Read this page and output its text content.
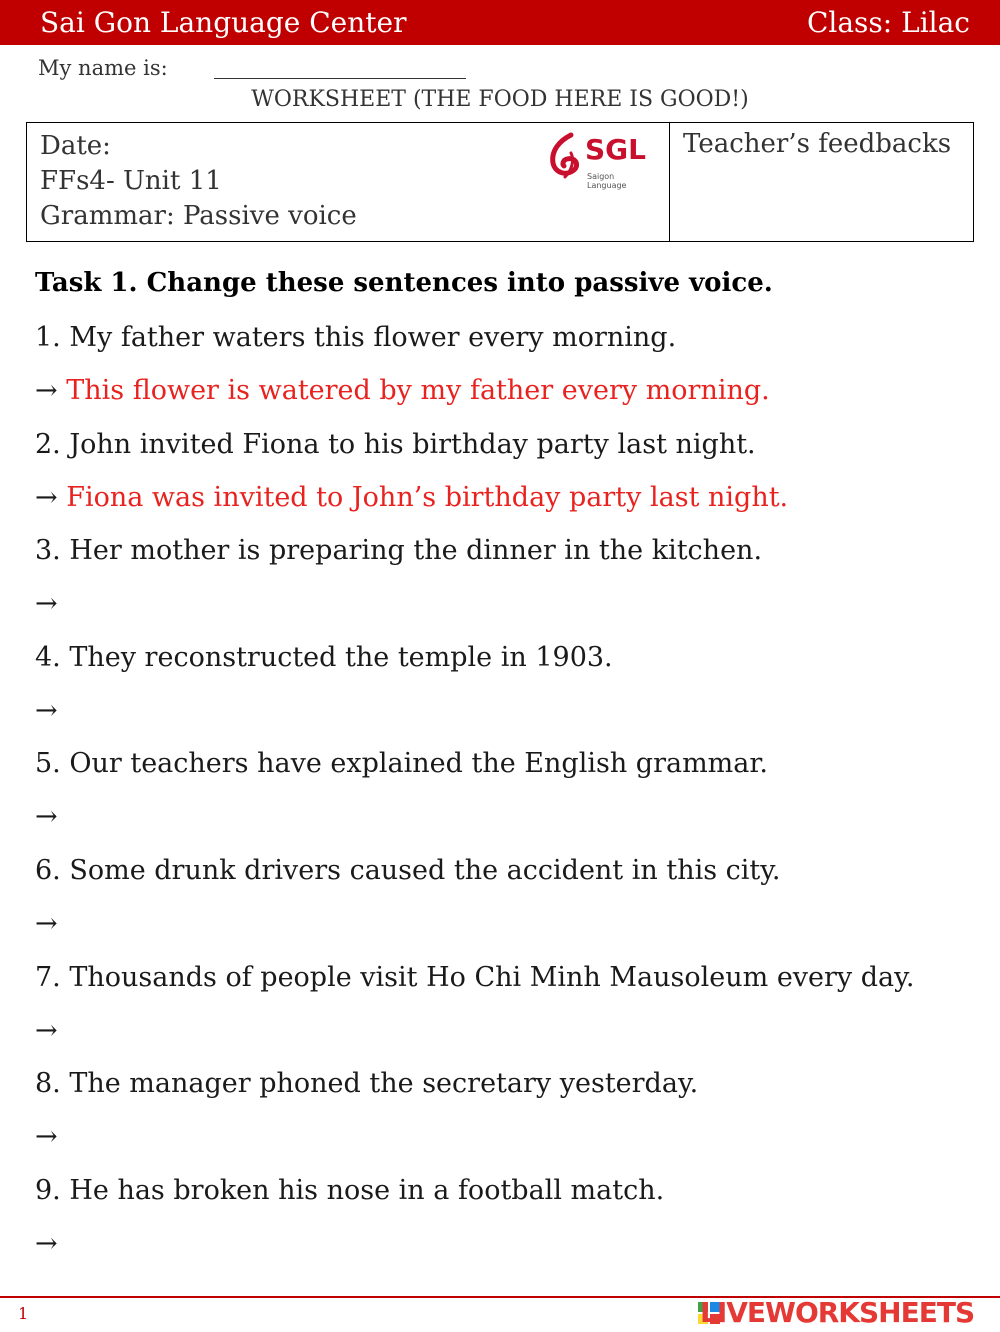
Sai Gon Language Center	Class: Lilac
My name is:
WORKSHEET (THE FOOD HERE IS GOOD!)
Date:
FFs4- Unit 11
Grammar: Passive voice
SGL
Saigon Language
Teacher’s feedbacks
Task 1. Change these sentences into passive voice.
1. My father waters this flower every morning.
→ This flower is watered by my father every morning.
2. John invited Fiona to his birthday party last night.
→ Fiona was invited to John’s birthday party last night.
3. Her mother is preparing the dinner in the kitchen.
→
4. They reconstructed the temple in 1903.
→
5. Our teachers have explained the English grammar.
→
6. Some drunk drivers caused the accident in this city.
→
7. Thousands of people visit Ho Chi Minh Mausoleum every day.
→
8. The manager phoned the secretary yesterday.
→
9. He has broken his nose in a football match.
→
1	LIVEWORKSHEETS
